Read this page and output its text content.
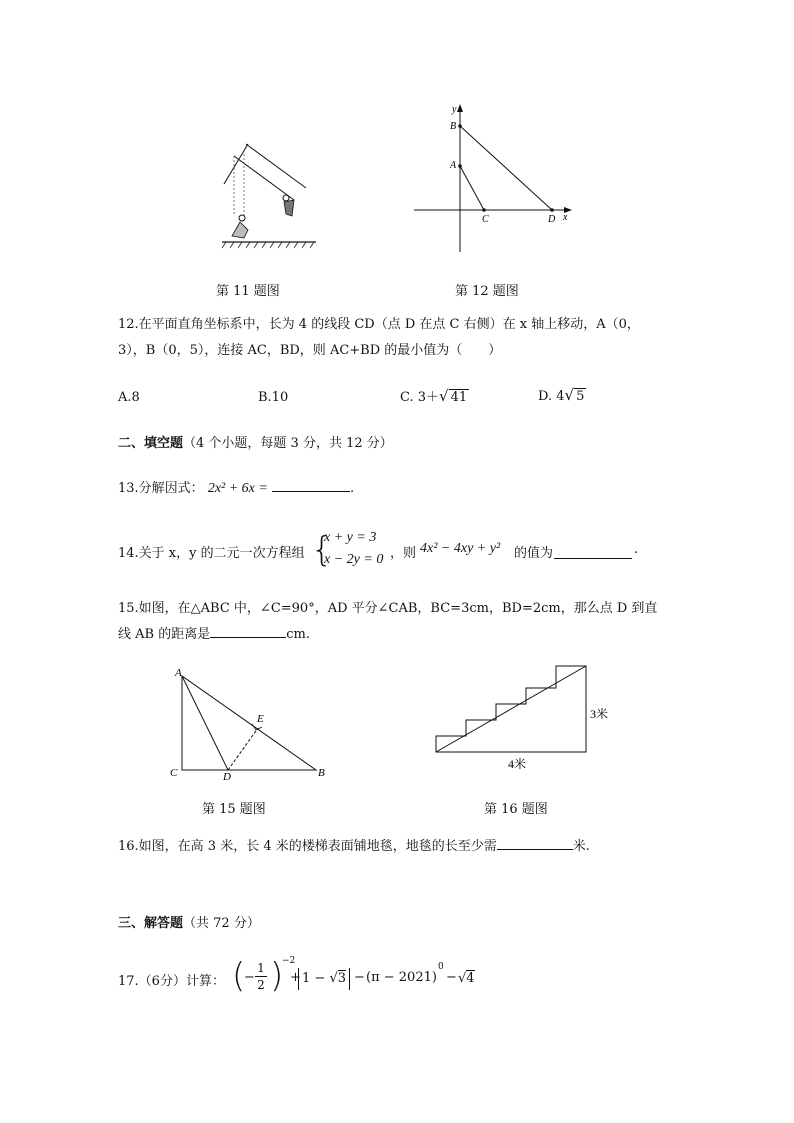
第 11 题图
y
B
A
C	D x
第 12 题图
12.在平面直角坐标系中，长为 4 的线段 CD（点 D 在点 C 右侧）在 x 轴上移动，A（0，
3），B（0，5），连接 AC，BD，则 AC+BD 的最小值为（　　）
A.8	B.10	C. 3＋√ 41	D. 4√ 5
二、填空题（4 个小题，每题 3 分，共 12 分）
13.分解因式： 2x² + 6x =	.
14.关于 x，y 的二元一次方程组 {
x + y = 3
x − 2y = 0 ，则 4x² − 4xy + y² 的值为	.
15.如图，在△ABC 中，∠C=90°，AD 平分∠CAB，BC=3cm，BD=2cm，那么点 D 到直
线 AB 的距离是	cm.
A
C	D
E
B
第 15 题图
3米
4米
第 16 题图
16.如图，在高 3 米，长 4 米的楼梯表面铺地毯，地毯的长至少需	米.
三、解答题（共 72 分）
17.（6分）计算： (
−
1
2 )
−2
+ 1 − √3 − (π − 2021)
0
− √4
